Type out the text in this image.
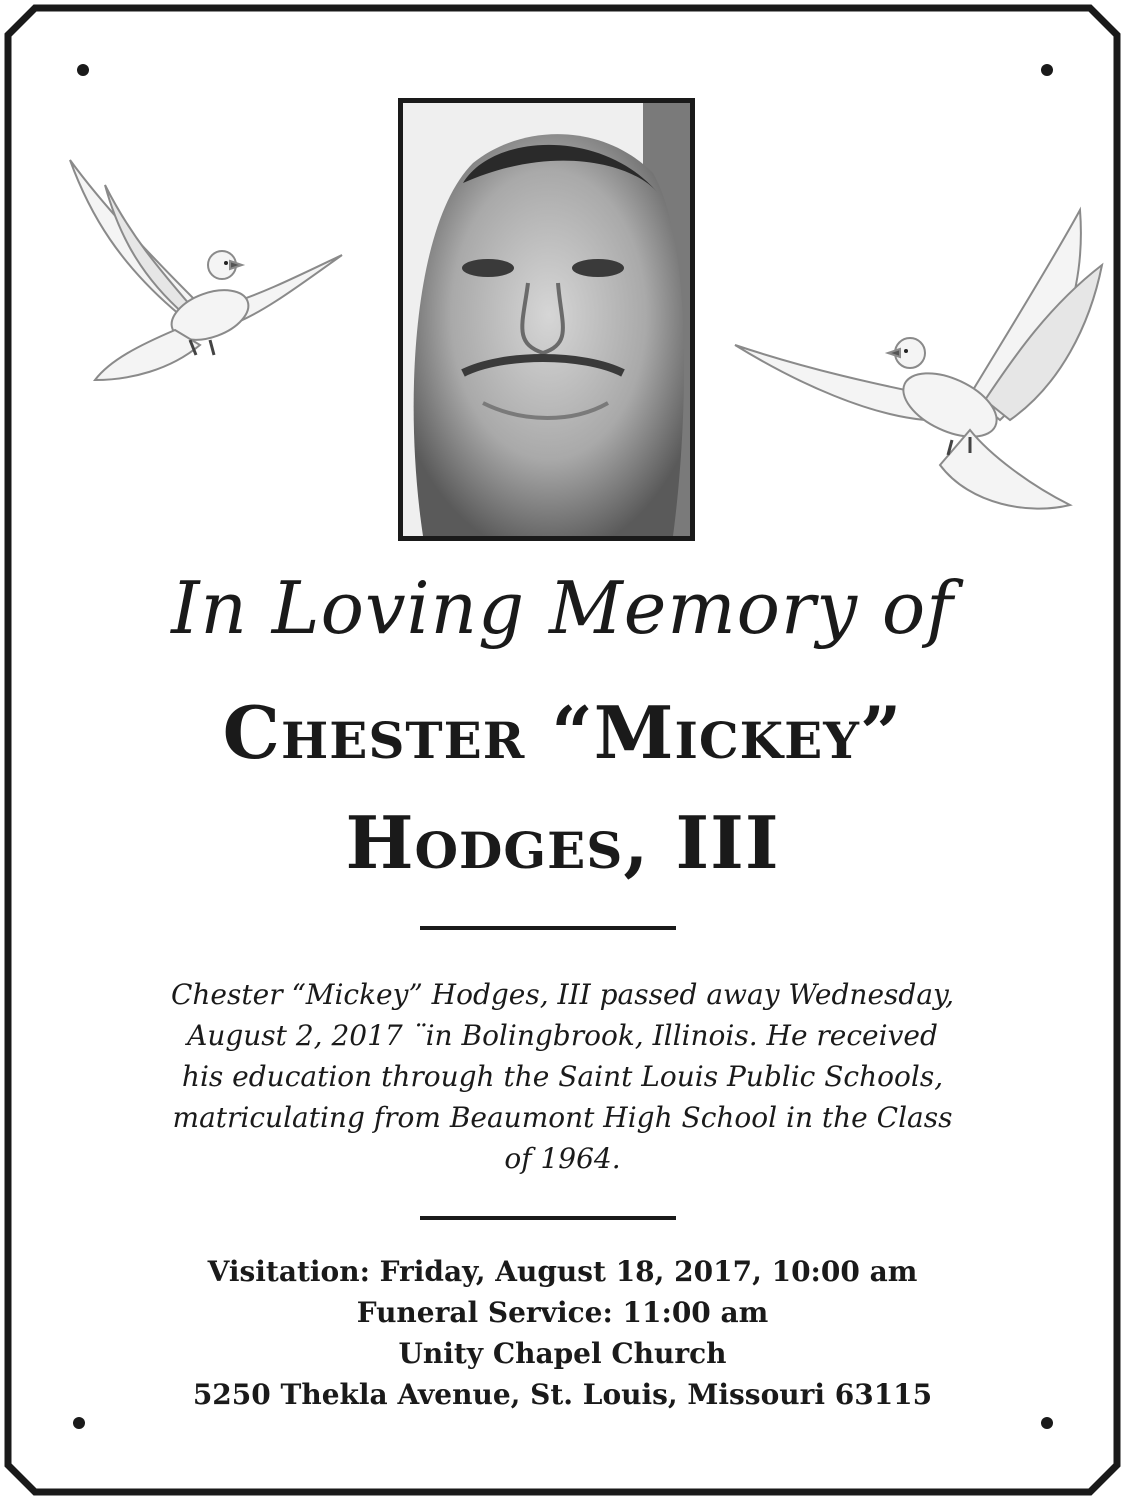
In Loving Memory of
Chester “Mickey”
Hodges, III
Chester “Mickey” Hodges, III passed away Wednesday, August 2, 2017 ¨in Bolingbrook, Illinois. He received his education through the Saint Louis Public Schools, matriculating from Beaumont High School in the Class of 1964.
Visitation: Friday, August 18, 2017, 10:00 am
Funeral Service: 11:00 am
Unity Chapel Church
5250 Thekla Avenue, St. Louis, Missouri 63115
